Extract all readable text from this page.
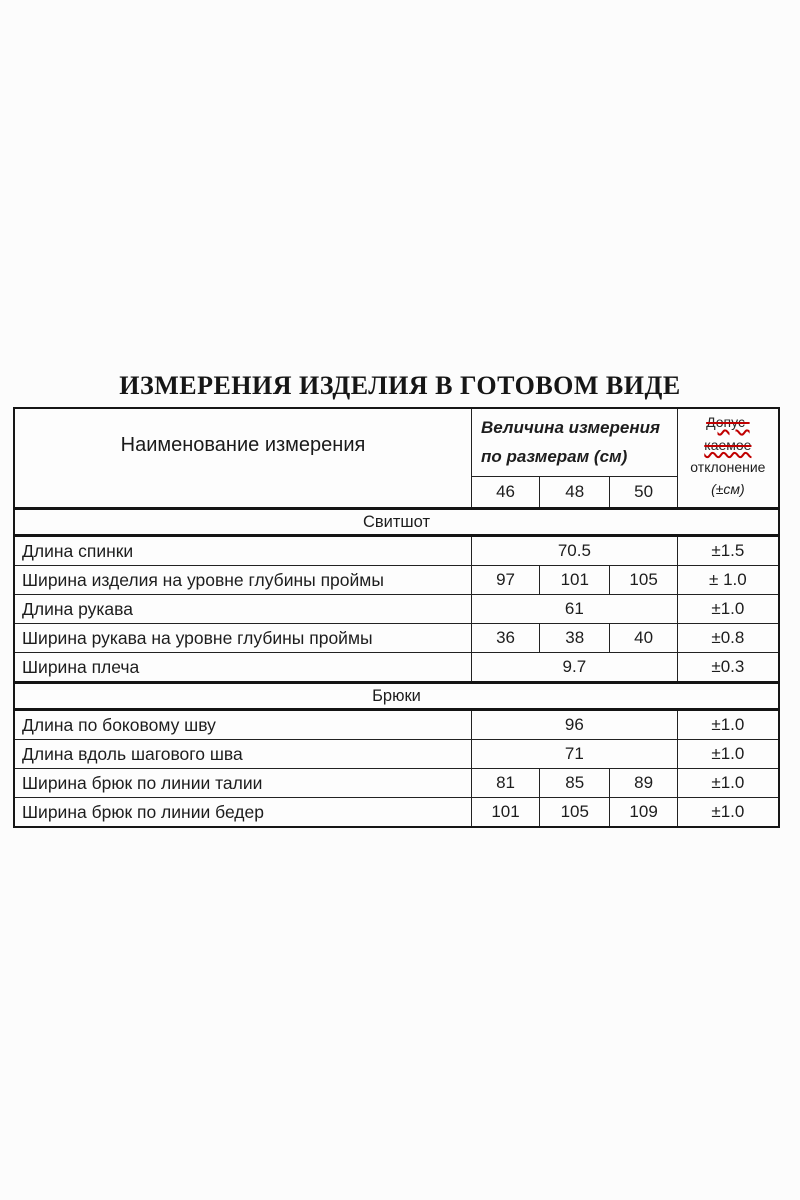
ИЗМЕРЕНИЯ ИЗДЕЛИЯ В ГОТОВОМ ВИДЕ
Наименование измерения	Величина измерения по размерам (см)			Допус-
каемое
отклонение
(±см)
	46	48	50	
Свитшот				
Длина спинки	70.5			±1.5
Ширина изделия на уровне глубины проймы	97	101	105	± 1.0
Длина рукава	61			±1.0
Ширина рукава на уровне глубины проймы	36	38	40	±0.8
Ширина плеча	9.7			±0.3
Брюки				
Длина по боковому шву	96			±1.0
Длина вдоль шагового шва	71			±1.0
Ширина брюк по линии талии	81	85	89	±1.0
Ширина брюк по линии бедер	101	105	109	±1.0
